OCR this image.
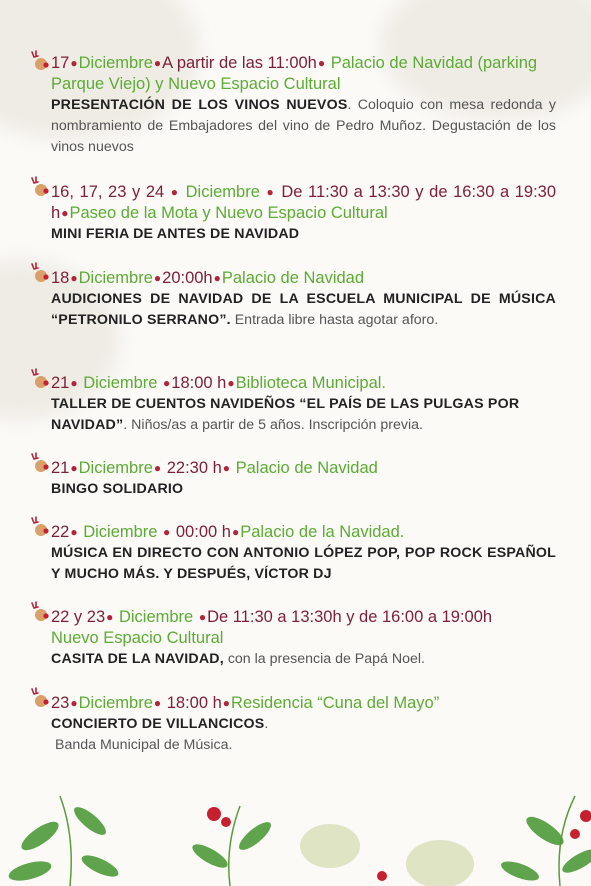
17●Diciembre●A partir de las 11:00h● Palacio de Navidad (parking Parque Viejo) y Nuevo Espacio Cultural
PRESENTACIÓN DE LOS VINOS NUEVOS. Coloquio con mesa redonda y nombramiento de Embajadores del vino de Pedro Muñoz. Degustación de los vinos nuevos
16, 17, 23 y 24 ● Diciembre ● De 11:30 a 13:30 y de 16:30 a 19:30 h●Paseo de la Mota y Nuevo Espacio Cultural
MINI FERIA DE ANTES DE NAVIDAD
18●Diciembre●20:00h●Palacio de Navidad
AUDICIONES DE NAVIDAD DE LA ESCUELA MUNICIPAL DE MÚSICA “PETRONILO SERRANO”. Entrada libre hasta agotar aforo.
21● Diciembre ●18:00 h●Biblioteca Municipal.
TALLER DE CUENTOS NAVIDEÑOS “EL PAÍS DE LAS PULGAS POR NAVIDAD”. Niños/as a partir de 5 años. Inscripción previa.
21●Diciembre● 22:30 h● Palacio de Navidad
BINGO SOLIDARIO
22● Diciembre ● 00:00 h●Palacio de la Navidad.
MÚSICA EN DIRECTO CON ANTONIO LÓPEZ POP, POP ROCK ESPAÑOL Y MUCHO MÁS. Y DESPUÉS, VÍCTOR DJ
22 y 23● Diciembre ●De 11:30 a 13:30h y de 16:00 a 19:00h
Nuevo Espacio Cultural
CASITA DE LA NAVIDAD, con la presencia de Papá Noel.
23●Diciembre● 18:00 h●Residencia “Cuna del Mayo”
CONCIERTO DE VILLANCICOS.
Banda Municipal de Música.
